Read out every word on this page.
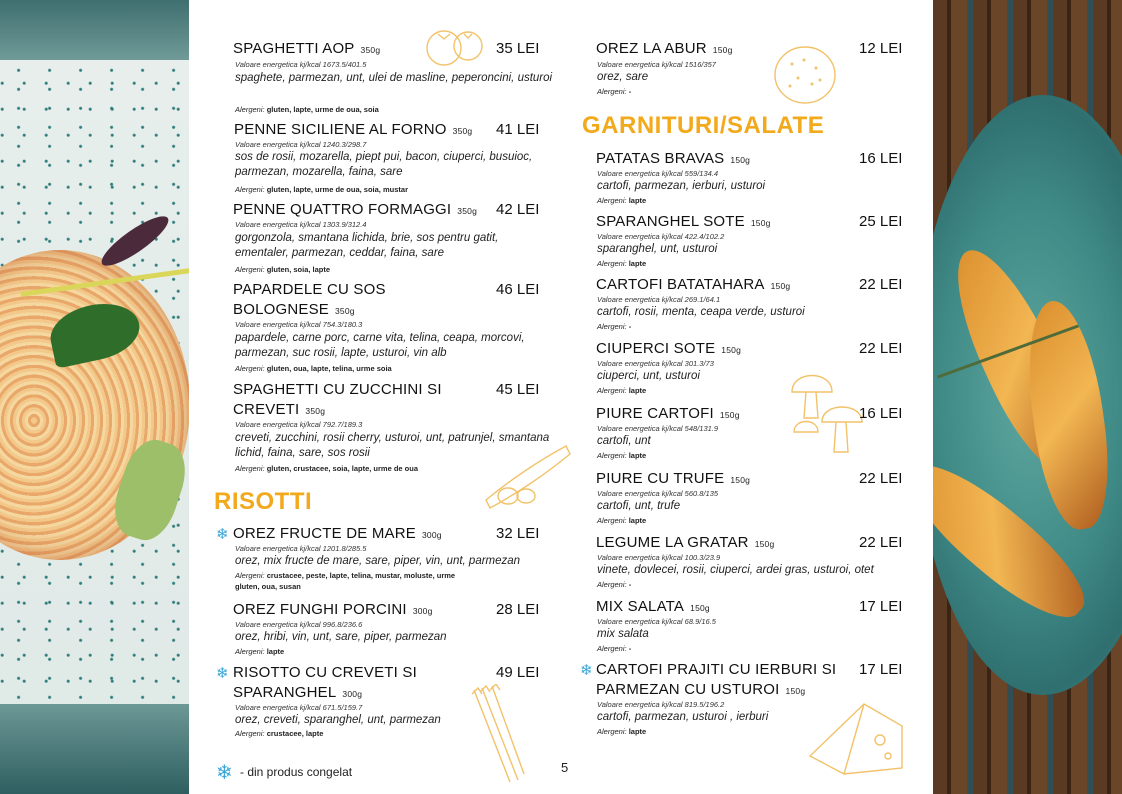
SPAGHETTI AOP 350g	35 LEI
Valoare energetica kj/kcal 1673.5/401.5
spaghete, parmezan, unt, ulei de masline, peperoncini, usturoi
Alergeni: gluten, lapte, urme de oua, soia
PENNE SICILIENE AL FORNO 350g 41 LEI
Valoare energetica kj/kcal 1240.3/298.7
sos de rosii, mozarella, piept pui, bacon, ciuperci, busuioc, parmezan, mozarella, faina, sare
Alergeni: gluten, lapte, urme de oua, soia, mustar
PENNE QUATTRO FORMAGGI 350g 42 LEI
Valoare energetica kj/kcal 1303.9/312.4
gorgonzola, smantana lichida, brie, sos pentru gatit, ementaler, parmezan, ceddar, faina, sare
Alergeni: gluten, soia, lapte
PAPARDELE CU SOS	46 LEI
BOLOGNESE 350g
Valoare energetica kj/kcal 754.3/180.3
papardele, carne porc, carne vita, telina, ceapa, morcovi, parmezan, suc rosii, lapte, usturoi, vin alb
Alergeni: gluten, oua, lapte, telina, urme soia
SPAGHETTI CU ZUCCHINI SI	45 LEI
CREVETI 350g
Valoare energetica kj/kcal 792.7/189.3
creveti, zucchini, rosii cherry, usturoi, unt, patrunjel, smantana lichid, faina, sare, sos rosii
Alergeni: gluten, crustacee, soia, lapte, urme de oua
RISOTTI
❄ OREZ FRUCTE DE MARE 300g	32 LEI
Valoare energetica kj/kcal 1201.8/285.5
orez, mix fructe de mare, sare, piper, vin, unt, parmezan
Alergeni: crustacee, peste, lapte, telina, mustar, moluste, urme
gluten, oua, susan
OREZ FUNGHI PORCINI 300g	28 LEI
Valoare energetica kj/kcal 996.8/236.6
orez, hribi, vin, unt, sare, piper, parmezan
Alergeni: lapte
❄ RISOTTO CU CREVETI SI	49 LEI
SPARANGHEL 300g
Valoare energetica kj/kcal 671.5/159.7
orez, creveti, sparanghel, unt, parmezan
Alergeni: crustacee, lapte
❄ - din produs congelat	5
OREZ LA ABUR 150g	12 LEI
Valoare energetica kj/kcal 1516/357
orez, sare
Alergeni: -
GARNITURI/SALATE
PATATAS BRAVAS 150g	16 LEI
Valoare energetica kj/kcal 559/134.4
cartofi, parmezan, ierburi, usturoi
Alergeni: lapte
SPARANGHEL SOTE 150g	25 LEI
Valoare energetica kj/kcal 422.4/102.2
sparanghel, unt, usturoi
Alergeni: lapte
CARTOFI BATATAHARA 150g	22 LEI
Valoare energetica kj/kcal 269.1/64.1
cartofi, rosii, menta, ceapa verde, usturoi
Alergeni: -
CIUPERCI SOTE 150g	22 LEI
Valoare energetica kj/kcal 301.3/73
ciuperci, unt, usturoi
Alergeni: lapte
PIURE CARTOFI 150g	16 LEI
Valoare energetica kj/kcal 548/131.9
cartofi, unt
Alergeni: lapte
PIURE CU TRUFE 150g	22 LEI
Valoare energetica kj/kcal 560.8/135
cartofi, unt, trufe
Alergeni: lapte
LEGUME LA GRATAR 150g	22 LEI
Valoare energetica kj/kcal 100.3/23.9
vinete, dovlecei, rosii, ciuperci, ardei gras, usturoi, otet
Alergeni: -
MIX SALATA 150g	17 LEI
Valoare energetica kj/kcal 68.9/16.5
mix salata
Alergeni: -
❄ CARTOFI PRAJITI CU IERBURI SI
PARMEZAN CU USTUROI 150g
17 LEI
Valoare energetica kj/kcal 819.5/196.2
cartofi, parmezan, usturoi , ierburi
Alergeni: lapte
